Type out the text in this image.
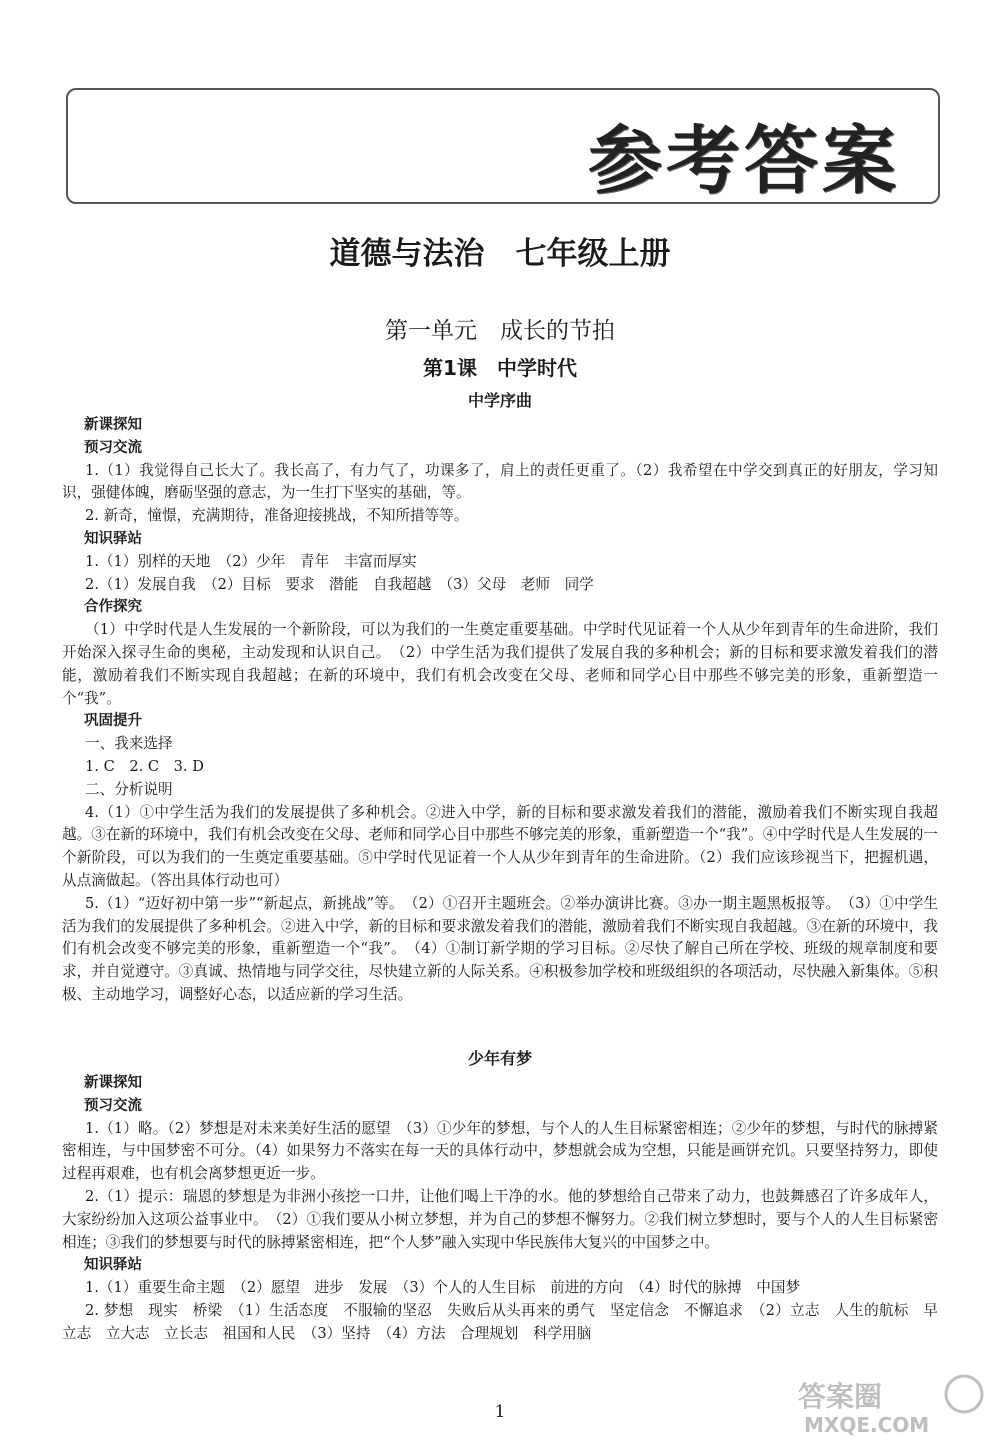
参考答案
道德与法治　七年级上册
第一单元　成长的节拍
第1课　中学时代
中学序曲

新课探知

预习交流

1.（1）我觉得自己长大了。我长高了，有力气了，功课多了，肩上的责任更重了。（2）我希望在中学交到真正的好朋友，学习知识，强健体魄，磨砺坚强的意志，为一生打下坚实的基础，等。

2. 新奇，憧憬，充满期待，准备迎接挑战，不知所措等等。

知识驿站

1.（1）别样的天地　（2）少年　青年　丰富而厚实

2.（1）发展自我　（2）目标　要求　潜能　自我超越　（3）父母　老师　同学

合作探究

（1）中学时代是人生发展的一个新阶段，可以为我们的一生奠定重要基础。中学时代见证着一个人从少年到青年的生命进阶，我们开始深入探寻生命的奥秘，主动发现和认识自己。　（2）中学生活为我们提供了发展自我的多种机会；新的目标和要求激发着我们的潜能，激励着我们不断实现自我超越；在新的环境中，我们有机会改变在父母、老师和同学心目中那些不够完美的形象，重新塑造一个“我”。

巩固提升

一、我来选择

1. C　2. C　3. D

二、分析说明

4.（1）①中学生活为我们的发展提供了多种机会。②进入中学，新的目标和要求激发着我们的潜能，激励着我们不断实现自我超越。③在新的环境中，我们有机会改变在父母、老师和同学心目中那些不够完美的形象，重新塑造一个“我”。④中学时代是人生发展的一个新阶段，可以为我们的一生奠定重要基础。⑤中学时代见证着一个人从少年到青年的生命进阶。（2）我们应该珍视当下，把握机遇，从点滴做起。（答出具体行动也可）

5.（1）“迈好初中第一步”“新起点，新挑战”等。　（2）①召开主题班会。②举办演讲比赛。③办一期主题黑板报等。　（3）①中学生活为我们的发展提供了多种机会。②进入中学，新的目标和要求激发着我们的潜能，激励着我们不断实现自我超越。③在新的环境中，我们有机会改变不够完美的形象，重新塑造一个“我”。　（4）①制订新学期的学习目标。②尽快了解自己所在学校、班级的规章制度和要求，并自觉遵守。③真诚、热情地与同学交往，尽快建立新的人际关系。④积极参加学校和班级组织的各项活动，尽快融入新集体。⑤积极、主动地学习，调整好心态，以适应新的学习生活。

少年有梦

新课探知

预习交流

1.（1）略。（2）梦想是对未来美好生活的愿望　（3）①少年的梦想，与个人的人生目标紧密相连；②少年的梦想，与时代的脉搏紧密相连，与中国梦密不可分。（4）如果努力不落实在每一天的具体行动中，梦想就会成为空想，只能是画饼充饥。只要坚持努力，即使过程再艰难，也有机会离梦想更近一步。

2.（1）提示：瑞恩的梦想是为非洲小孩挖一口井，让他们喝上干净的水。他的梦想给自己带来了动力，也鼓舞感召了许多成年人，大家纷纷加入这项公益事业中。　（2）①我们要从小树立梦想，并为自己的梦想不懈努力。②我们树立梦想时，要与个人的人生目标紧密相连；③我们的梦想要与时代的脉搏紧密相连，把“个人梦”融入实现中华民族伟大复兴的中国梦之中。

知识驿站

1.（1）重要生命主题　（2）愿望　进步　发展　（3）个人的人生目标　前进的方向　（4）时代的脉搏　中国梦

2. 梦想　现实　桥梁　（1）生活态度　不服输的坚忍　失败后从头再来的勇气　坚定信念　不懈追求　（2）立志　人生的航标　早立志　立大志　立长志　祖国和人民　（3）坚持　（4）方法　合理规划　科学用脑

1	答案圈
MXQE.COM
